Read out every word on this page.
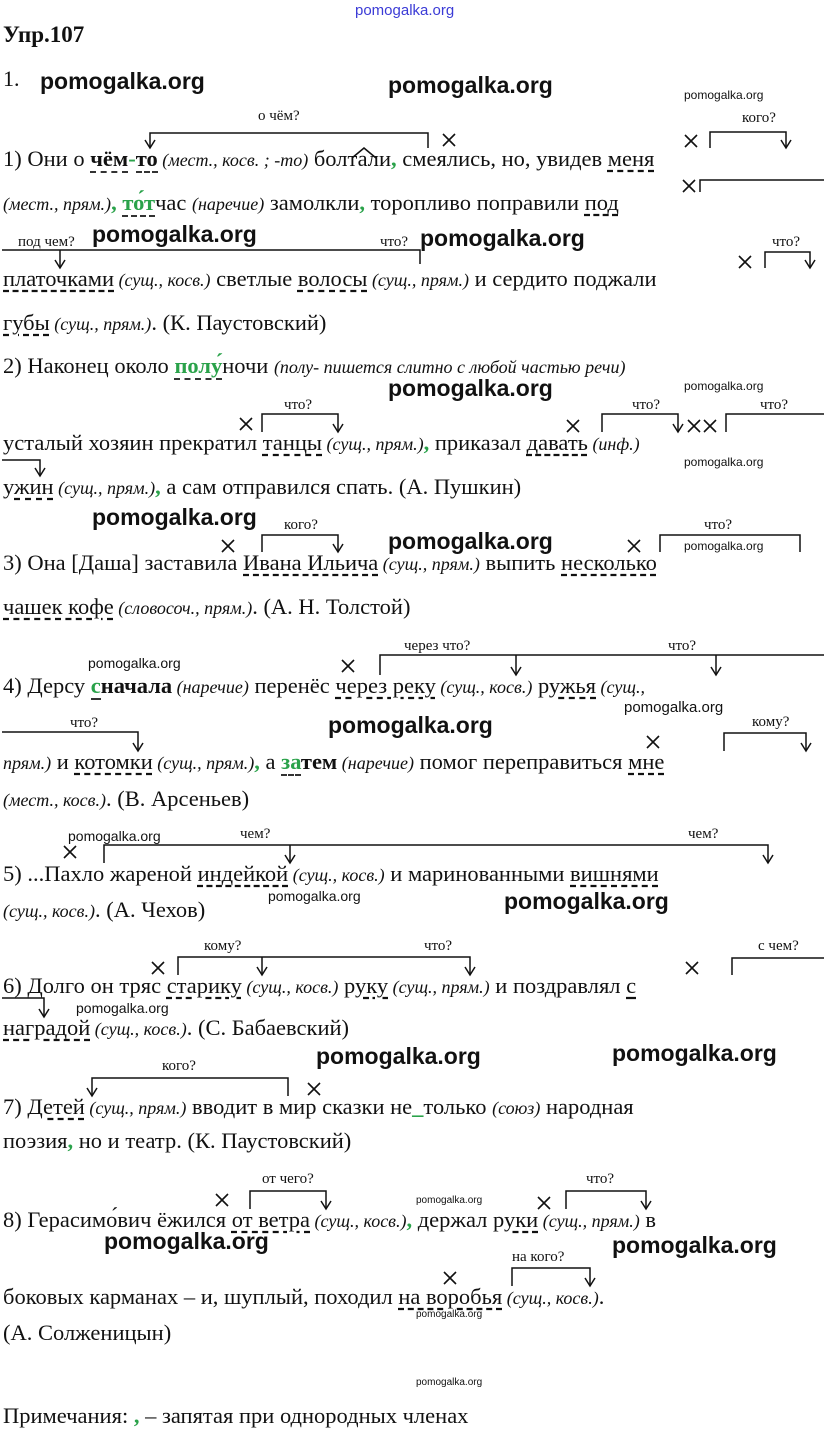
pomogalka.org
Упр.107
1. pomogalka.org	pomogalka.org
pomogalka.org	pomogalka.org
pomogalka.org
pomogalka.org
pomogalka.org
pomogalka.org
pomogalka.org
pomogalka.org	pomogalka.org
pomogalka.org	pomogalka.org
pomogalka.org
pomogalka.org
pomogalka.org
pomogalka.org
pomogalka.org
pomogalka.org
pomogalka.org
pomogalka.org
pomogalka.org
pomogalka.org
pomogalka.org
pomogalka.org
о чём?	кого?
под чем?	что?	что?
что?	что?	что?
кого?	что?
через что?	что?
что?	кому?
чем?	чем?
кому?	что?	с чем?
кого?
от чего?	что?
на кого?
1) Они о чём-то (мест., косв. ; -то) болтали, смеялись, но, увидев меня
(мест., прям.), то́тчас (наречие) замолкли, торопливо поправили под
платочками (сущ., косв.) светлые волосы (сущ., прям.) и сердито поджали
губы (сущ., прям.). (К. Паустовский)
2) Наконец около полу́ночи (полу- пишется слитно с любой частью речи)
усталый хозяин прекратил танцы (сущ., прям.), приказал давать (инф.)
ужин (сущ., прям.), а сам отправился спать. (А. Пушкин)
3) Она [Даша] заставила Ивана Ильича (сущ., прям.) выпить несколько
чашек кофе (словосоч., прям.). (А. Н. Толстой)
4) Дерсу сначала (наречие) перенёс через реку (сущ., косв.) ружья (сущ.,
прям.) и котомки (сущ., прям.), а затем (наречие) помог переправиться мне
(мест., косв.). (В. Арсеньев)
5) ...Пахло жареной индейкой (сущ., косв.) и маринованными вишнями
(сущ., косв.). (А. Чехов)
6) Долго он тряс старику (сущ., косв.) руку (сущ., прям.) и поздравлял с
наградой (сущ., косв.). (С. Бабаевский)
7) Детей (сущ., прям.) вводит в мир сказки не_только (союз) народная
поэзия, но и театр. (К. Паустовский)
8) Герасимо́вич ёжился от ветра (сущ., косв.), держал руки (сущ., прям.) в
боковых карманах – и, шуплый, походил на воробья (сущ., косв.).
(А. Солженицын)
Примечания: , – запятая при однородных членах
